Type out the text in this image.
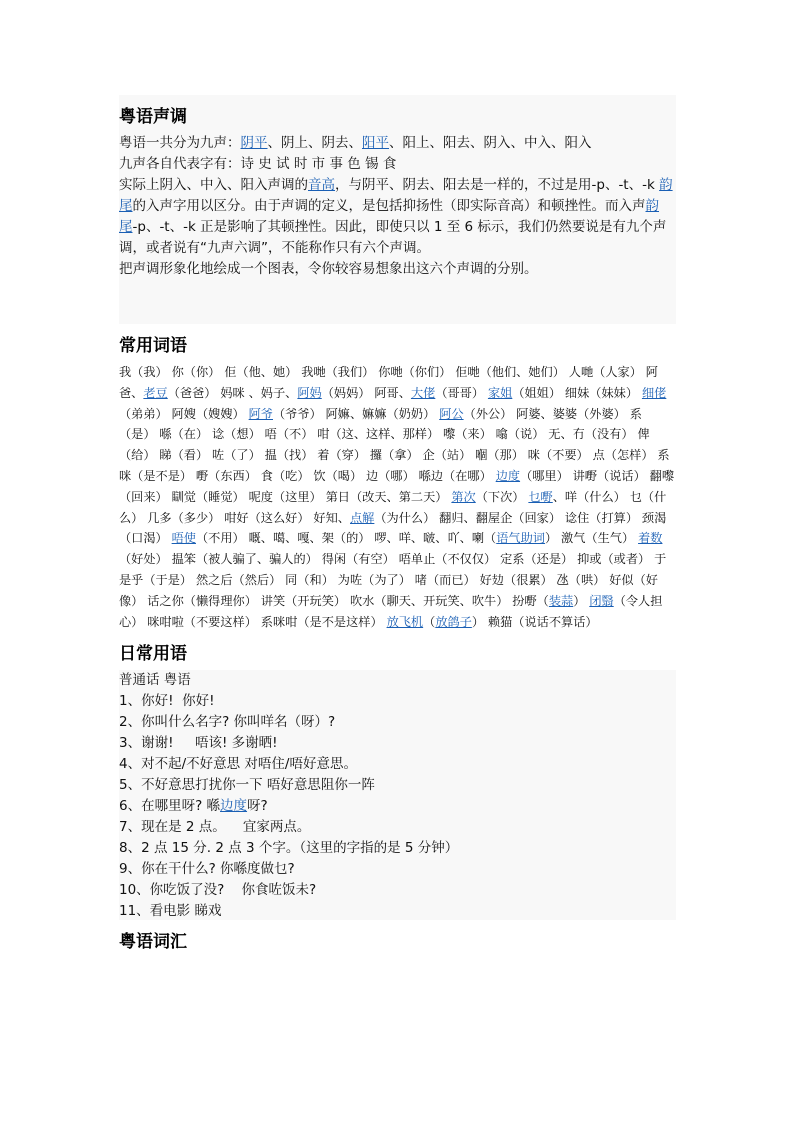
粤语声调

粤语一共分为九声：阴平、阴上、阴去、阳平、阳上、阳去、阴入、中入、阳入

九声各自代表字有：诗 史 试 时 市 事 色 锡 食

实际上阴入、中入、阳入声调的音高，与阴平、阴去、阳去是一样的，不过是用-p、-t、-k 韵尾的入声字用以区分。由于声调的定义，是包括抑扬性（即实际音高）和顿挫性。而入声韵尾-p、-t、-k 正是影响了其顿挫性。因此，即使只以 1 至 6 标示，我们仍然要说是有九个声调，或者说有“九声六调”，不能称作只有六个声调。

把声调形象化地绘成一个图表，令你较容易想象出这六个声调的分别。

常用词语

我（我） 你（你） 佢（他、她） 我哋（我们） 你哋（你们） 佢哋（他们、她们） 人哋（人家） 阿爸、老豆（爸爸） 妈咪 、妈子、阿妈（妈妈） 阿哥、大佬（哥哥） 家姐（姐姐） 细妹（妹妹） 细佬（弟弟） 阿嫂（嫂嫂） 阿爷（爷爷） 阿嫲、嫲嫲（奶奶） 阿公（外公） 阿婆、婆婆（外婆） 系（是） 喺（在） 谂（想） 唔（不） 咁（这、这样、那样） 嚟（来） 噏（说） 无、冇（没有） 俾（给） 睇（看） 咗（了） 揾（找） 着（穿） 攞（拿） 企（站） 嗰（那） 咪（不要） 点（怎样） 系咪（是不是） 嘢（东西） 食（吃） 饮（喝） 边（哪） 喺边（在哪） 边度（哪里） 讲嘢（说话） 翻嚟（回来） 瞓觉（睡觉） 呢度（这里） 第日（改天、第二天） 第次（下次） 乜嘢、咩（什么） 乜（什么） 几多（多少） 咁好（这么好） 好知、点解（为什么） 翻归、翻屋企（回家） 谂住（打算） 颈渴（口渴） 唔使（不用） 嘅、噶、嘎、架（的） 啰、咩、啵、吖、喇（语气助词） 激气（生气） 着数（好处） 揾笨（被人骗了、骗人的） 得闲（有空） 唔单止（不仅仅） 定系（还是） 抑或（或者） 于是乎（于是） 然之后（然后） 同（和） 为咗（为了） 啫（而已） 好攰（很累） 氹（哄） 好似（好像） 话之你（懒得理你） 讲笑（开玩笑） 吹水（聊天、开玩笑、吹牛） 扮嘢（装蒜） 闭翳（令人担心） 咪咁啦（不要这样） 系咪咁（是不是这样） 放飞机（放鸽子） 赖猫（说话不算话）

日常用语

普通话 粤语

1、你好!  你好!

2、你叫什么名字? 你叫咩名（呀）?

3、谢谢!     唔该! 多谢晒!

4、对不起/不好意思 对唔住/唔好意思。

5、不好意思打扰你一下 唔好意思阻你一阵

6、在哪里呀? 喺边度呀?

7、现在是 2 点。    宜家两点。

8、2 点 15 分. 2 点 3 个字。（这里的字指的是 5 分钟）

9、你在干什么? 你喺度做乜?

10、你吃饭了没?    你食咗饭未?

11、看电影 睇戏

粤语词汇
